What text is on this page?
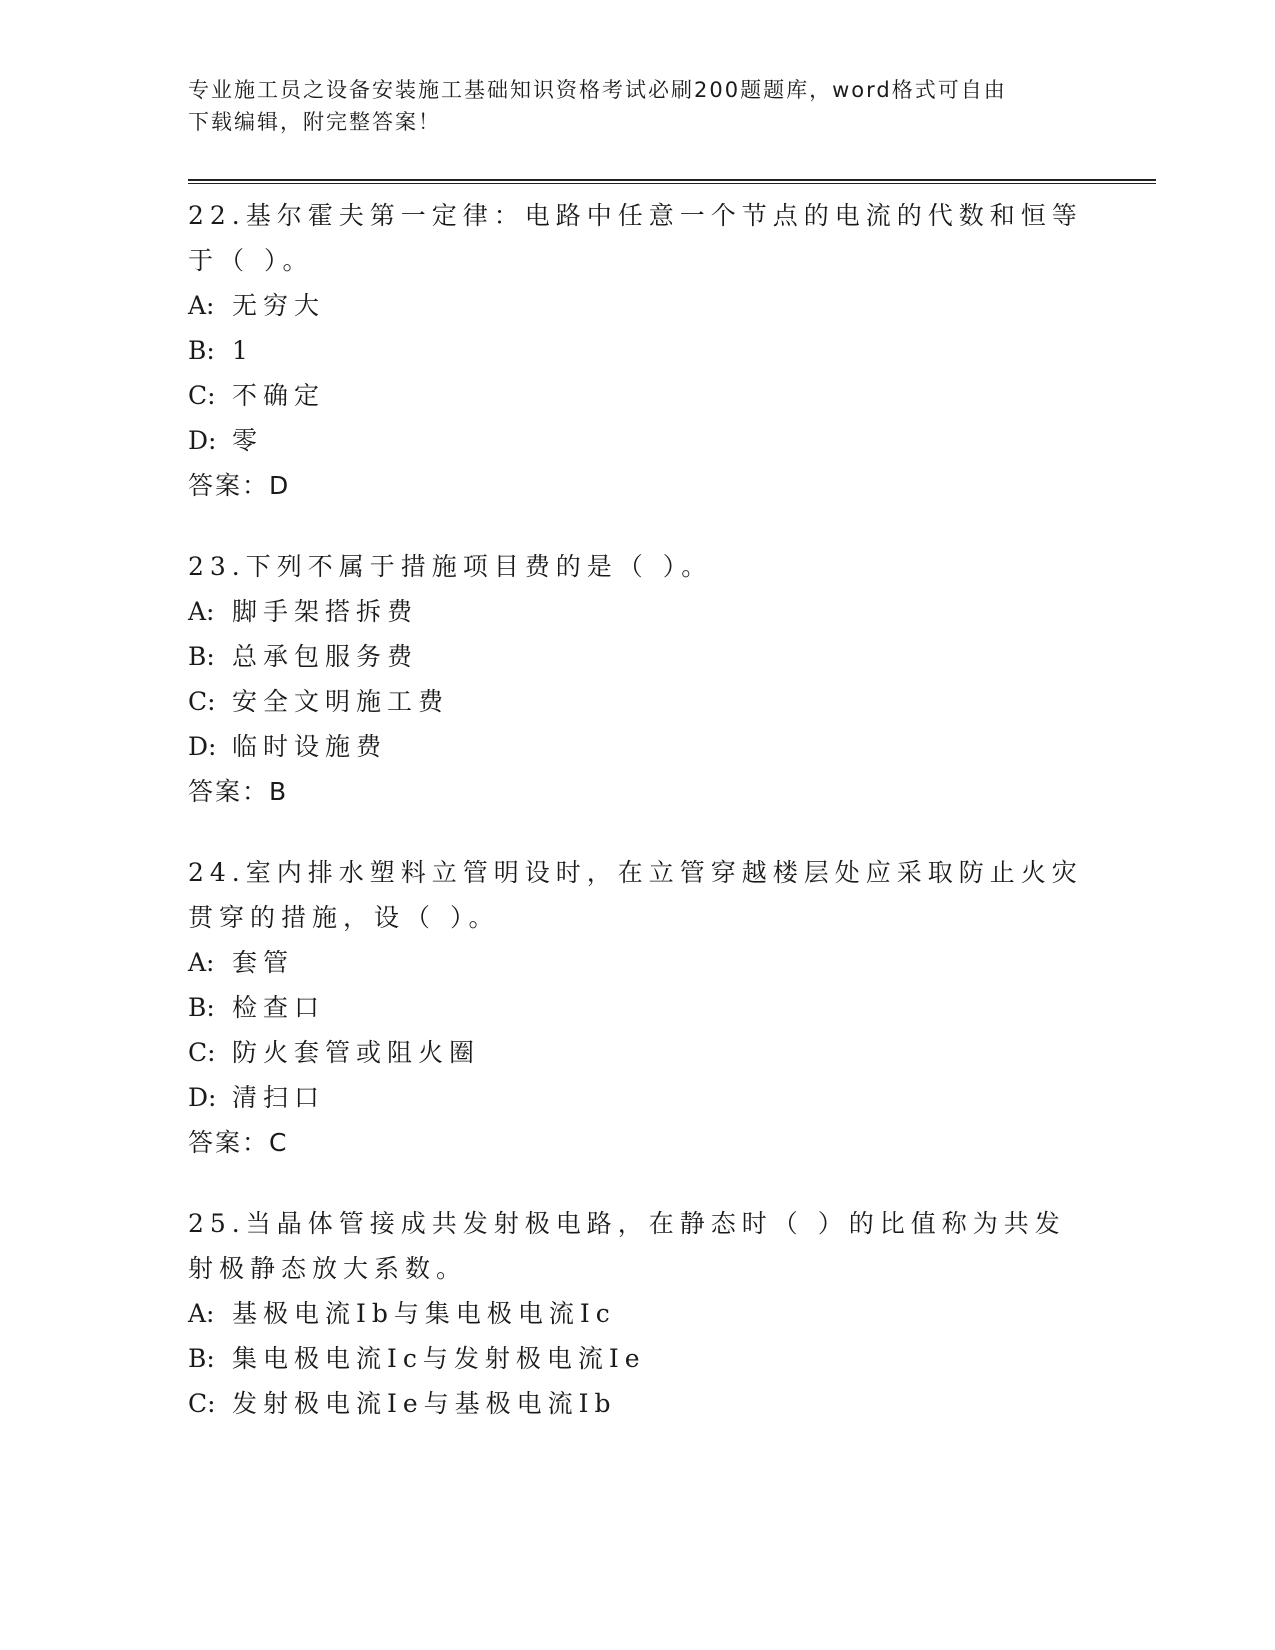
专业施工员之设备安装施工基础知识资格考试必刷200题题库，word格式可自由
下载编辑，附完整答案！

22.基尔霍夫第一定律：电路中任意一个节点的电流的代数和恒等于（ ）。

A: 无穷大

B: 1

C: 不确定

D: 零

答案：D

23.下列不属于措施项目费的是（ ）。

A: 脚手架搭拆费

B: 总承包服务费

C: 安全文明施工费

D: 临时设施费

答案：B

24.室内排水塑料立管明设时，在立管穿越楼层处应采取防止火灾贯穿的措施，设（ ）。

A: 套管

B: 检查口

C: 防火套管或阻火圈

D: 清扫口

答案：C

25.当晶体管接成共发射极电路，在静态时（ ）的比值称为共发射极静态放大系数。

A: 基极电流Ib与集电极电流Ic

B: 集电极电流Ic与发射极电流Ie

C: 发射极电流Ie与基极电流Ib
